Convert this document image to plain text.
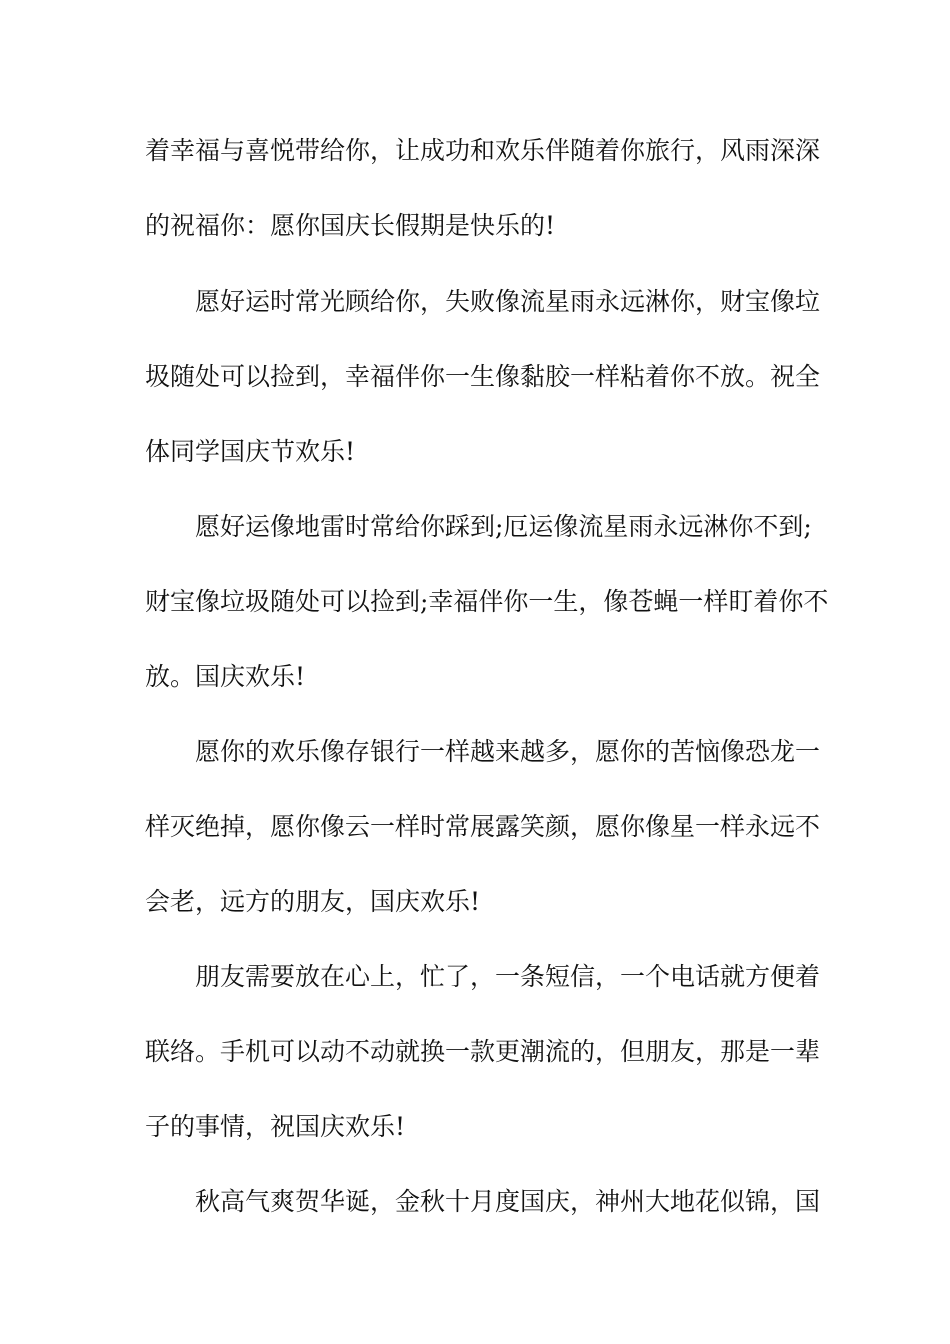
着幸福与喜悦带给你，让成功和欢乐伴随着你旅行，风雨深深
的祝福你：愿你国庆长假期是快乐的!
愿好运时常光顾给你，失败像流星雨永远淋你，财宝像垃
圾随处可以捡到，幸福伴你一生像黏胶一样粘着你不放。祝全
体同学国庆节欢乐!
愿好运像地雷时常给你踩到;厄运像流星雨永远淋你不到;
财宝像垃圾随处可以捡到;幸福伴你一生，像苍蝇一样盯着你不
放。国庆欢乐!
愿你的欢乐像存银行一样越来越多，愿你的苦恼像恐龙一
样灭绝掉，愿你像云一样时常展露笑颜，愿你像星一样永远不
会老，远方的朋友，国庆欢乐!
朋友需要放在心上，忙了，一条短信，一个电话就方便着
联络。手机可以动不动就换一款更潮流的，但朋友，那是一辈
子的事情，祝国庆欢乐!
秋高气爽贺华诞，金秋十月度国庆，神州大地花似锦，国
